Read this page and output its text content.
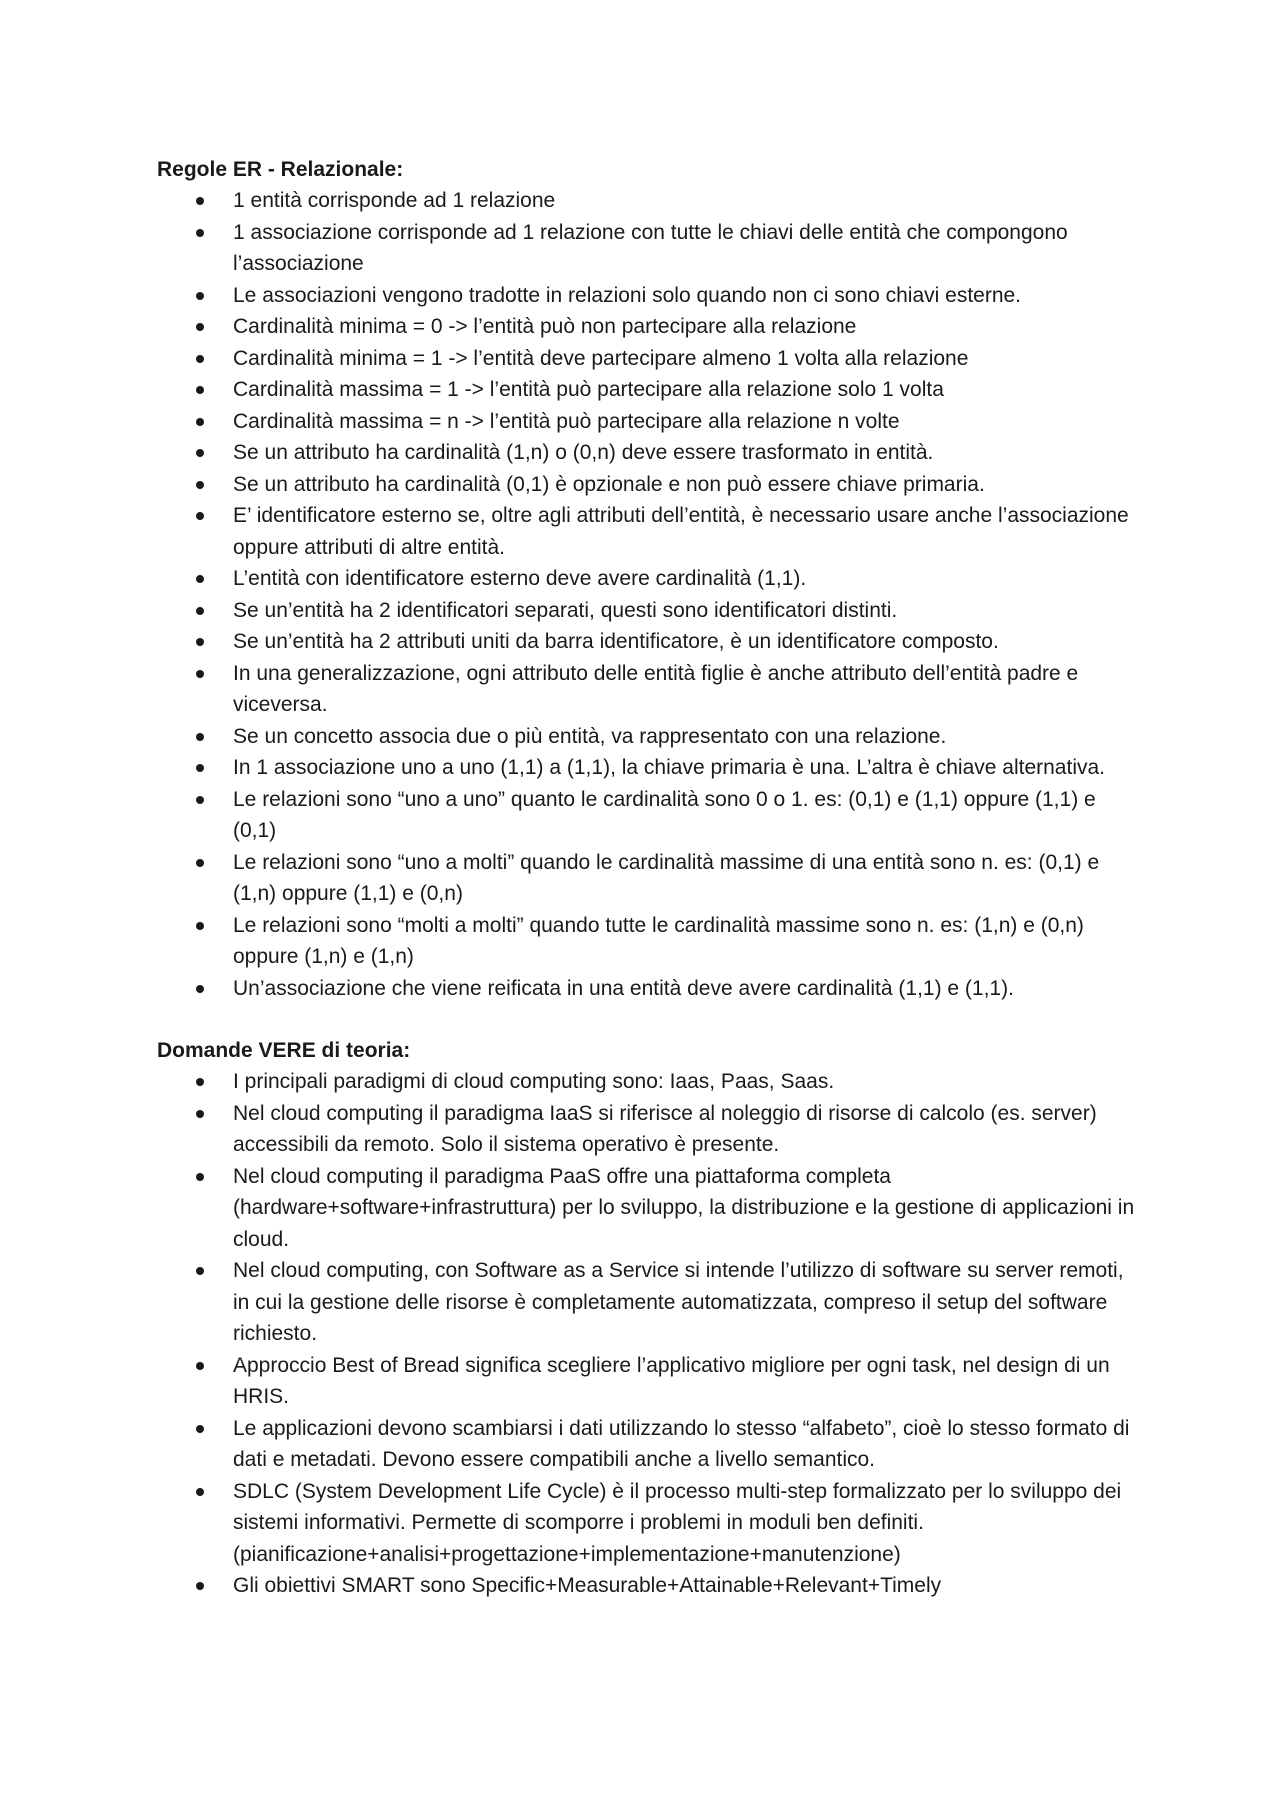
Regole ER - Relazionale:

1 entità corrisponde ad 1 relazione
1 associazione corrisponde ad 1 relazione con tutte le chiavi delle entità che compongono l’associazione
Le associazioni vengono tradotte in relazioni solo quando non ci sono chiavi esterne.
Cardinalità minima = 0 -> l’entità può non partecipare alla relazione
Cardinalità minima = 1 -> l’entità deve partecipare almeno 1 volta alla relazione
Cardinalità massima = 1 -> l’entità può partecipare alla relazione solo 1 volta
Cardinalità massima = n -> l’entità può partecipare alla relazione n volte
Se un attributo ha cardinalità (1,n) o (0,n) deve essere trasformato in entità.
Se un attributo ha cardinalità (0,1) è opzionale e non può essere chiave primaria.
E’ identificatore esterno se, oltre agli attributi dell’entità, è necessario usare anche l’associazione oppure attributi di altre entità.
L’entità con identificatore esterno deve avere cardinalità (1,1).
Se un’entità ha 2 identificatori separati, questi sono identificatori distinti.
Se un’entità ha 2 attributi uniti da barra identificatore, è un identificatore composto.
In una generalizzazione, ogni attributo delle entità figlie è anche attributo dell’entità padre e viceversa.
Se un concetto associa due o più entità, va rappresentato con una relazione.
In 1 associazione uno a uno (1,1) a (1,1), la chiave primaria è una. L’altra è chiave alternativa.
Le relazioni sono “uno a uno” quanto le cardinalità sono 0 o 1. es: (0,1) e (1,1) oppure (1,1) e (0,1)
Le relazioni sono “uno a molti” quando le cardinalità massime di una entità sono n. es: (0,1) e (1,n) oppure (1,1) e (0,n)
Le relazioni sono “molti a molti” quando tutte le cardinalità massime sono n. es: (1,n) e (0,n) oppure (1,n) e (1,n)
Un’associazione che viene reificata in una entità deve avere cardinalità (1,1) e (1,1).

Domande VERE di teoria:

I principali paradigmi di cloud computing sono: Iaas, Paas, Saas.
Nel cloud computing il paradigma IaaS si riferisce al noleggio di risorse di calcolo (es. server) accessibili da remoto. Solo il sistema operativo è presente.
Nel cloud computing il paradigma PaaS offre una piattaforma completa (hardware+software+infrastruttura) per lo sviluppo, la distribuzione e la gestione di applicazioni in cloud.
Nel cloud computing, con Software as a Service si intende l’utilizzo di software su server remoti, in cui la gestione delle risorse è completamente automatizzata, compreso il setup del software richiesto.
Approccio Best of Bread significa scegliere l’applicativo migliore per ogni task, nel design di un HRIS.
Le applicazioni devono scambiarsi i dati utilizzando lo stesso “alfabeto”, cioè lo stesso formato di dati e metadati. Devono essere compatibili anche a livello semantico.
SDLC (System Development Life Cycle) è il processo multi-step formalizzato per lo sviluppo dei sistemi informativi. Permette di scomporre i problemi in moduli ben definiti. (pianificazione+analisi+progettazione+implementazione+manutenzione)
Gli obiettivi SMART sono Specific+Measurable+Attainable+Relevant+Timely
